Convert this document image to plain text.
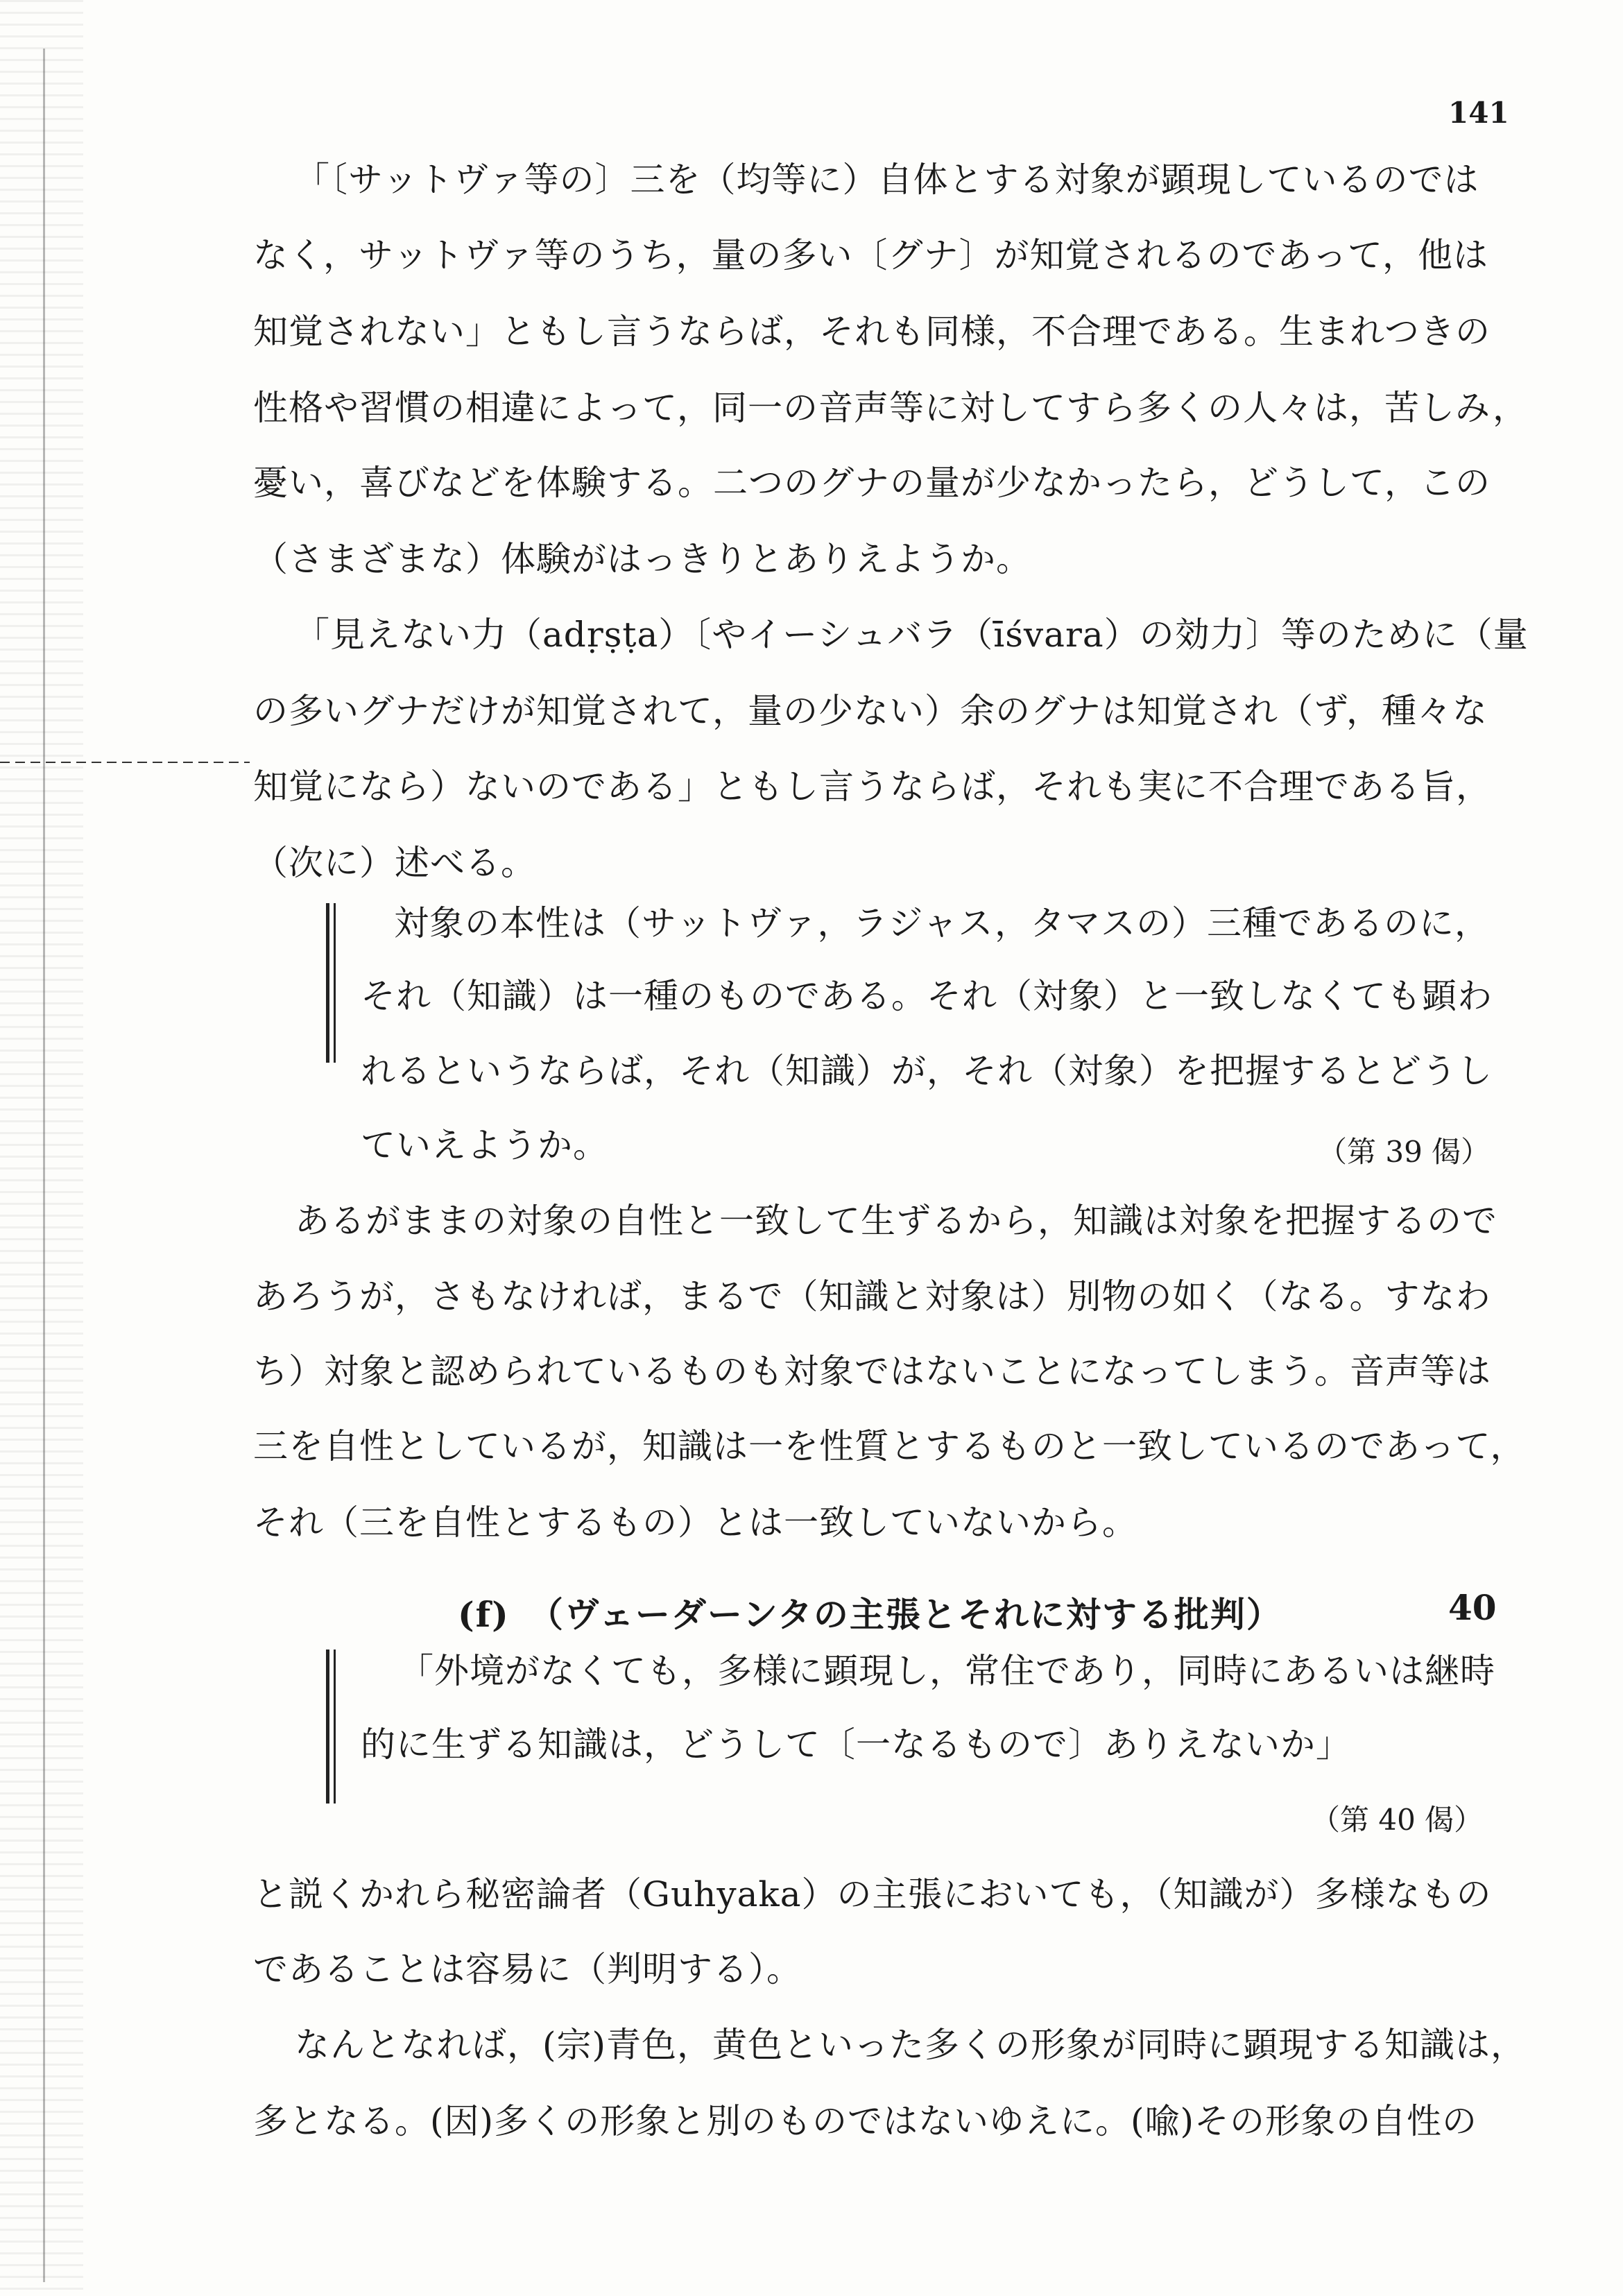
141
「〔サットヴァ等の〕三を（均等に）自体とする対象が顕現しているのでは
なく，サットヴァ等のうち，量の多い〔グナ〕が知覚されるのであって，他は
知覚されない」ともし言うならば，それも同様，不合理である。生まれつきの
性格や習慣の相違によって，同一の音声等に対してすら多くの人々は，苦しみ，
憂い，喜びなどを体験する。二つのグナの量が少なかったら，どうして，この
（さまざまな）体験がはっきりとありえようか。
「見えない力（adṛṣṭa）〔やイーシュバラ（īśvara）の効力〕等のために（量
の多いグナだけが知覚されて，量の少ない）余のグナは知覚され（ず，種々な
知覚になら）ないのである」ともし言うならば，それも実に不合理である旨，
（次に）述べる。
対象の本性は（サットヴァ，ラジャス，タマスの）三種であるのに，
それ（知識）は一種のものである。それ（対象）と一致しなくても顕わ
れるというならば，それ（知識）が，それ（対象）を把握するとどうし
ていえようか。	（第 39 偈）
あるがままの対象の自性と一致して生ずるから，知識は対象を把握するので
あろうが，さもなければ，まるで（知識と対象は）別物の如く（なる。すなわ
ち）対象と認められているものも対象ではないことになってしまう。音声等は
三を自性としているが，知識は一を性質とするものと一致しているのであって，
それ（三を自性とするもの）とは一致していないから。
(f)　（ヴェーダーンタの主張とそれに対する批判）	40
「外境がなくても，多様に顕現し，常住であり，同時にあるいは継時
的に生ずる知識は，どうして〔一なるもので〕ありえないか」
（第 40 偈）
と説くかれら秘密論者（Guhyaka）の主張においても，（知識が）多様なもの
であることは容易に（判明する）。
なんとなれば，(宗)青色，黄色といった多くの形象が同時に顕現する知識は，
多となる。(因)多くの形象と別のものではないゆえに。(喩)その形象の自性の
